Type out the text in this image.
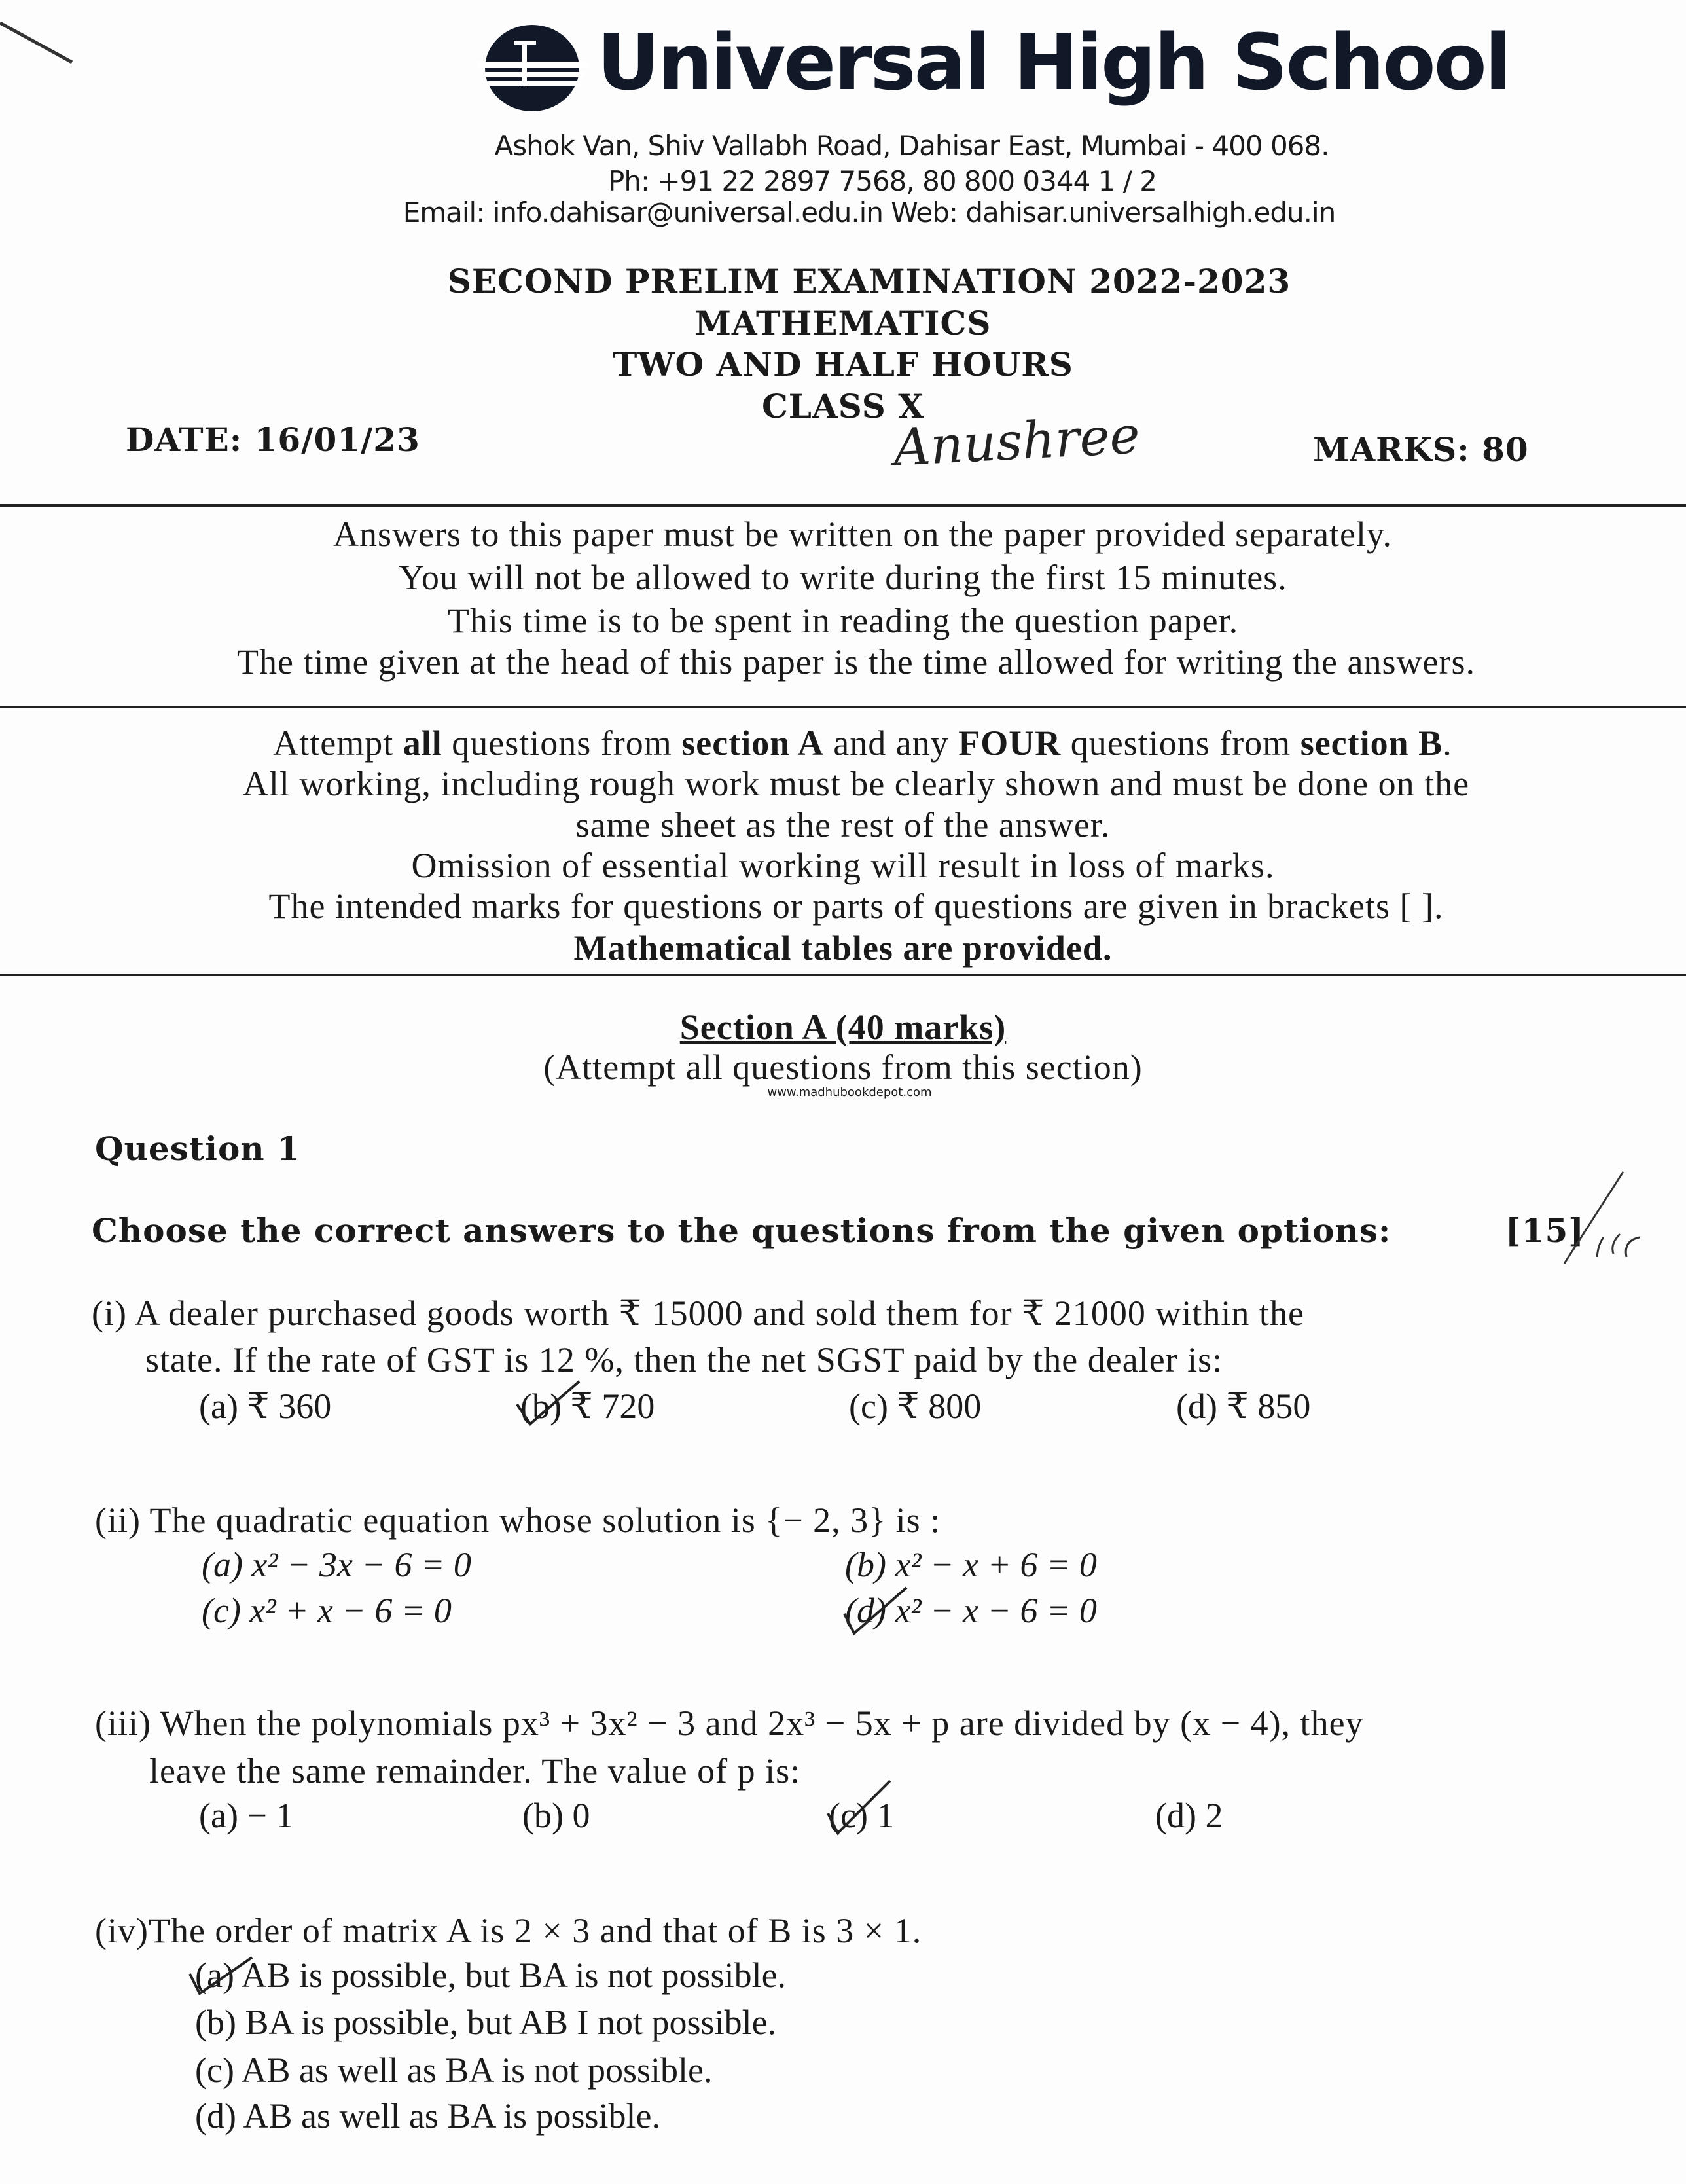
Universal High School
Ashok Van, Shiv Vallabh Road, Dahisar East, Mumbai - 400 068.
Ph: +91 22 2897 7568, 80 800 0344 1 / 2
Email: info.dahisar@universal.edu.in Web: dahisar.universalhigh.edu.in
SECOND PRELIM EXAMINATION 2022-2023
MATHEMATICS
TWO AND HALF HOURS
CLASS X
DATE: 16/01/23	MARKS: 80
Anushree
Answers to this paper must be written on the paper provided separately.
You will not be allowed to write during the first 15 minutes.
This time is to be spent in reading the question paper.
The time given at the head of this paper is the time allowed for writing the answers.
Attempt all questions from section A and any FOUR questions from section B.
All working, including rough work must be clearly shown and must be done on the
same sheet as the rest of the answer.
Omission of essential working will result in loss of marks.
The intended marks for questions or parts of questions are given in brackets [ ].
Mathematical tables are provided.
Section A (40 marks)
(Attempt all questions from this section)
www.madhubookdepot.com
Question 1
Choose the correct answers to the questions from the given options:	[15]
(i) A dealer purchased goods worth ₹ 15000 and sold them for ₹ 21000 within the
state. If the rate of GST is 12 %, then the net SGST paid by the dealer is:
(a) ₹ 360	(b) ₹ 720	(c) ₹ 800	(d) ₹ 850
(ii) The quadratic equation whose solution is {− 2, 3} is :
(a) x² − 3x − 6 = 0	(b) x² − x + 6 = 0
(c) x² + x − 6 = 0	(d) x² − x − 6 = 0
(iii) When the polynomials px³ + 3x² − 3 and 2x³ − 5x + p are divided by (x − 4), they
leave the same remainder. The value of p is:
(a) − 1	(b) 0	(c) 1	(d) 2
(iv)The order of matrix A is 2 × 3 and that of B is 3 × 1.
(a) AB is possible, but BA is not possible.
(b) BA is possible, but AB I not possible.
(c) AB as well as BA is not possible.
(d) AB as well as BA is possible.
